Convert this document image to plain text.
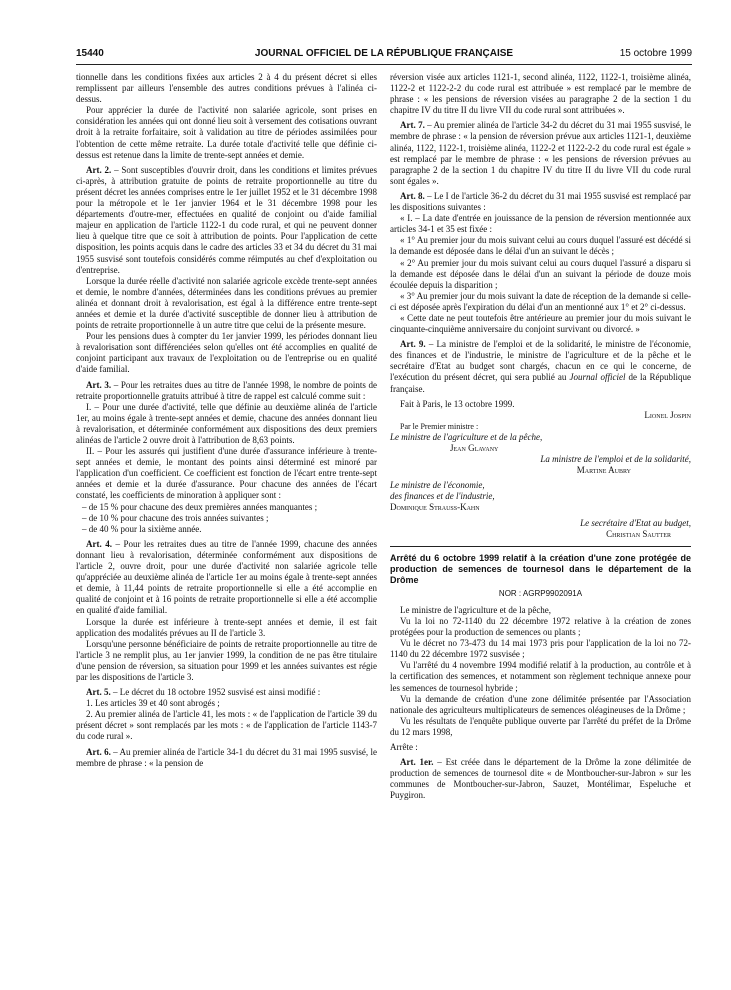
15440	JOURNAL OFFICIEL DE LA RÉPUBLIQUE FRANÇAISE	15 octobre 1999

tionnelle dans les conditions fixées aux articles 2 à 4 du présent décret si elles remplissent par ailleurs l'ensemble des autres conditions prévues à l'alinéa ci-dessus.

Pour apprécier la durée de l'activité non salariée agricole, sont prises en considération les années qui ont donné lieu soit à versement des cotisations ouvrant droit à la retraite forfaitaire, soit à validation au titre de périodes assimilées pour l'obtention de cette même retraite. La durée totale d'activité telle que définie ci-dessus est retenue dans la limite de trente-sept années et demie.

Art. 2. – Sont susceptibles d'ouvrir droit, dans les conditions et limites prévues ci-après, à attribution gratuite de points de retraite proportionnelle au titre du présent décret les années comprises entre le 1er juillet 1952 et le 31 décembre 1998 pour la métropole et le 1er janvier 1964 et le 31 décembre 1998 pour les départements d'outre-mer, effectuées en qualité de conjoint ou d'aide familial majeur en application de l'article 1122-1 du code rural, et qui ne peuvent donner lieu à quelque titre que ce soit à attribution de points. Pour l'application de cette disposition, les points acquis dans le cadre des articles 33 et 34 du décret du 31 mai 1955 susvisé sont toutefois considérés comme réimputés au chef d'exploitation ou d'entreprise.

Lorsque la durée réelle d'activité non salariée agricole excède trente-sept années et demie, le nombre d'années, déterminées dans les conditions prévues au premier alinéa et donnant droit à revalorisation, est égal à la différence entre trente-sept années et demie et la durée d'activité susceptible de donner lieu à attribution de points de retraite proportionnelle à un autre titre que celui de la présente mesure.

Pour les pensions dues à compter du 1er janvier 1999, les périodes donnant lieu à revalorisation sont différenciées selon qu'elles ont été accomplies en qualité de conjoint participant aux travaux de l'exploitation ou de l'entreprise ou en qualité d'aide familial.

Art. 3. – Pour les retraites dues au titre de l'année 1998, le nombre de points de retraite proportionnelle gratuits attribué à titre de rappel est calculé comme suit :

I. – Pour une durée d'activité, telle que définie au deuxième alinéa de l'article 1er, au moins égale à trente-sept années et demie, chacune des années donnant lieu à revalorisation, et déterminée conformément aux dispositions des deux premiers alinéas de l'article 2 ouvre droit à l'attribution de 8,63 points.

II. – Pour les assurés qui justifient d'une durée d'assurance inférieure à trente-sept années et demie, le montant des points ainsi déterminé est minoré par l'application d'un coefficient. Ce coefficient est fonction de l'écart entre trente-sept années et demie et la durée d'assurance. Pour chacune des années de l'écart constaté, les coefficients de minoration à appliquer sont :

– de 15 % pour chacune des deux premières années manquantes ;

– de 10 % pour chacune des trois années suivantes ;

– de 40 % pour la sixième année.

Art. 4. – Pour les retraites dues au titre de l'année 1999, chacune des années donnant lieu à revalorisation, déterminée conformément aux dispositions de l'article 2, ouvre droit, pour une durée d'activité non salariée agricole telle qu'appréciée au deuxième alinéa de l'article 1er au moins égale à trente-sept années et demie, à 11,44 points de retraite proportionnelle si elle a été accomplie en qualité de conjoint et à 16 points de retraite proportionnelle si elle a été accomplie en qualité d'aide familial.

Lorsque la durée est inférieure à trente-sept années et demie, il est fait application des modalités prévues au II de l'article 3.

Lorsqu'une personne bénéficiaire de points de retraite proportionnelle au titre de l'article 3 ne remplit plus, au 1er janvier 1999, la condition de ne pas être titulaire d'une pension de réversion, sa situation pour 1999 et les années suivantes est régie par les dispositions de l'article 3.

Art. 5. – Le décret du 18 octobre 1952 susvisé est ainsi modifié :

1. Les articles 39 et 40 sont abrogés ;

2. Au premier alinéa de l'article 41, les mots : « de l'application de l'article 39 du présent décret » sont remplacés par les mots : « de l'application de l'article 1143-7 du code rural ».

Art. 6. – Au premier alinéa de l'article 34-1 du décret du 31 mai 1995 susvisé, le membre de phrase : « la pension de

réversion visée aux articles 1121-1, second alinéa, 1122, 1122-1, troisième alinéa, 1122-2 et 1122-2-2 du code rural est attribuée » est remplacé par le membre de phrase : « les pensions de réversion visées au paragraphe 2 de la section 1 du chapitre IV du titre II du livre VII du code rural sont attribuées ».

Art. 7. – Au premier alinéa de l'article 34-2 du décret du 31 mai 1955 susvisé, le membre de phrase : « la pension de réversion prévue aux articles 1121-1, deuxième alinéa, 1122, 1122-1, troisième alinéa, 1122-2 et 1122-2-2 du code rural est égale » est remplacé par le membre de phrase : « les pensions de réversion prévues au paragraphe 2 de la section 1 du chapitre IV du titre II du livre VII du code rural sont égales ».

Art. 8. – Le I de l'article 36-2 du décret du 31 mai 1955 susvisé est remplacé par les dispositions suivantes :

« I. – La date d'entrée en jouissance de la pension de réversion mentionnée aux articles 34-1 et 35 est fixée :

« 1° Au premier jour du mois suivant celui au cours duquel l'assuré est décédé si la demande est déposée dans le délai d'un an suivant le décès ;

« 2° Au premier jour du mois suivant celui au cours duquel l'assuré a disparu si la demande est déposée dans le délai d'un an suivant la période de douze mois écoulée depuis la disparition ;

« 3° Au premier jour du mois suivant la date de réception de la demande si celle-ci est déposée après l'expiration du délai d'un an mentionné aux 1° et 2° ci-dessus.

« Cette date ne peut toutefois être antérieure au premier jour du mois suivant le cinquante-cinquième anniversaire du conjoint survivant ou divorcé. »

Art. 9. – La ministre de l'emploi et de la solidarité, le ministre de l'économie, des finances et de l'industrie, le ministre de l'agriculture et de la pêche et le secrétaire d'Etat au budget sont chargés, chacun en ce qui le concerne, de l'exécution du présent décret, qui sera publié au Journal officiel de la République française.

Fait à Paris, le 13 octobre 1999.

Lionel Jospin
Par le Premier ministre :
Le ministre de l'agriculture et de la pêche,
Jean Glavany
La ministre de l'emploi et de la solidarité,
Martine Aubry
Le ministre de l'économie,
des finances et de l'industrie,
Dominique Strauss-Kahn
Le secrétaire d'Etat au budget,
Christian Sautter

Arrêté du 6 octobre 1999 relatif à la création d'une zone protégée de production de semences de tournesol dans le département de la Drôme

NOR : AGRP9902091A

Le ministre de l'agriculture et de la pêche,

Vu la loi no 72-1140 du 22 décembre 1972 relative à la création de zones protégées pour la production de semences ou plants ;

Vu le décret no 73-473 du 14 mai 1973 pris pour l'application de la loi no 72-1140 du 22 décembre 1972 susvisée ;

Vu l'arrêté du 4 novembre 1994 modifié relatif à la production, au contrôle et à la certification des semences, et notamment son règlement technique annexe pour les semences de tournesol hybride ;

Vu la demande de création d'une zone délimitée présentée par l'Association nationale des agriculteurs multiplicateurs de semences oléagineuses de la Drôme ;

Vu les résultats de l'enquête publique ouverte par l'arrêté du préfet de la Drôme du 12 mars 1998,

Arrête :

Art. 1er. – Est créée dans le département de la Drôme la zone délimitée de production de semences de tournesol dite « de Montboucher-sur-Jabron » sur les communes de Montboucher-sur-Jabron, Sauzet, Montélimar, Espeluche et Puygiron.
